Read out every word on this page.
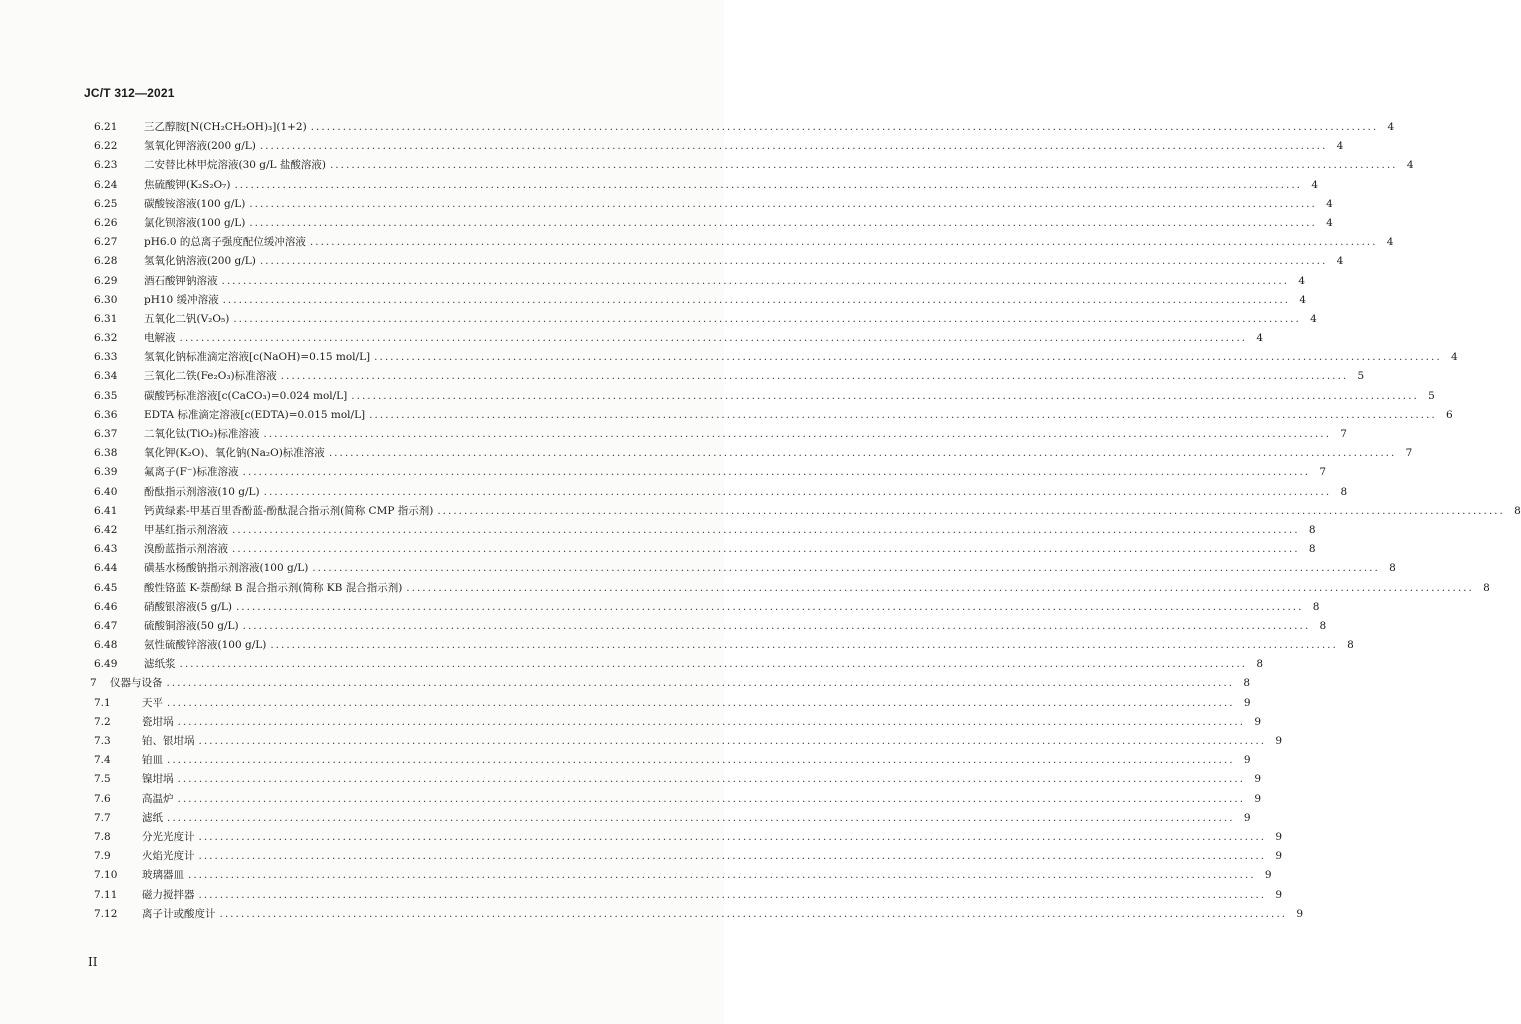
JC/T 312—2021
6.21	三乙醇胺[N(CH₂CH₂OH)₃](1+2) ........................................................................................................................................................................................................ 4
6.22	氢氧化钾溶液(200 g/L) ........................................................................................................................................................................................................ 4
6.23	二安替比林甲烷溶液(30 g/L 盐酸溶液) ........................................................................................................................................................................................................ 4
6.24	焦硫酸钾(K₂S₂O₇) ........................................................................................................................................................................................................ 4
6.25	碳酸铵溶液(100 g/L) ........................................................................................................................................................................................................ 4
6.26	氯化钡溶液(100 g/L) ........................................................................................................................................................................................................ 4
6.27	pH6.0 的总离子强度配位缓冲溶液 ........................................................................................................................................................................................................ 4
6.28	氢氧化钠溶液(200 g/L) ........................................................................................................................................................................................................ 4
6.29	酒石酸钾钠溶液 ........................................................................................................................................................................................................ 4
6.30	pH10 缓冲溶液 ........................................................................................................................................................................................................ 4
6.31	五氧化二钒(V₂O₅) ........................................................................................................................................................................................................ 4
6.32	电解液 ........................................................................................................................................................................................................ 4
6.33	氢氧化钠标准滴定溶液[c(NaOH)=0.15 mol/L] ........................................................................................................................................................................................................ 4
6.34	三氧化二铁(Fe₂O₃)标准溶液 ........................................................................................................................................................................................................ 5
6.35	碳酸钙标准溶液[c(CaCO₃)=0.024 mol/L] ........................................................................................................................................................................................................ 5
6.36	EDTA 标准滴定溶液[c(EDTA)=0.015 mol/L] ........................................................................................................................................................................................................ 6
6.37	二氧化钛(TiO₂)标准溶液 ........................................................................................................................................................................................................ 7
6.38	氧化钾(K₂O)、氧化钠(Na₂O)标准溶液 ........................................................................................................................................................................................................ 7
6.39	氟离子(F⁻)标准溶液 ........................................................................................................................................................................................................ 7
6.40	酚酞指示剂溶液(10 g/L) ........................................................................................................................................................................................................ 8
6.41	钙黄绿素-甲基百里香酚蓝-酚酞混合指示剂(简称 CMP 指示剂) ........................................................................................................................................................................................................ 8
6.42	甲基红指示剂溶液 ........................................................................................................................................................................................................ 8
6.43	溴酚蓝指示剂溶液 ........................................................................................................................................................................................................ 8
6.44	磺基水杨酸钠指示剂溶液(100 g/L) ........................................................................................................................................................................................................ 8
6.45	酸性铬蓝 K-萘酚绿 B 混合指示剂(简称 KB 混合指示剂) ........................................................................................................................................................................................................ 8
6.46	硝酸银溶液(5 g/L) ........................................................................................................................................................................................................ 8
6.47	硫酸铜溶液(50 g/L) ........................................................................................................................................................................................................ 8
6.48	氨性硫酸锌溶液(100 g/L) ........................................................................................................................................................................................................ 8
6.49	滤纸浆 ........................................................................................................................................................................................................ 8
7	仪器与设备 ........................................................................................................................................................................................................ 8
7.1	天平 ........................................................................................................................................................................................................ 9
7.2	瓷坩埚 ........................................................................................................................................................................................................ 9
7.3	铂、银坩埚 ........................................................................................................................................................................................................ 9
7.4	铂皿 ........................................................................................................................................................................................................ 9
7.5	镍坩埚 ........................................................................................................................................................................................................ 9
7.6	高温炉 ........................................................................................................................................................................................................ 9
7.7	滤纸 ........................................................................................................................................................................................................ 9
7.8	分光光度计 ........................................................................................................................................................................................................ 9
7.9	火焰光度计 ........................................................................................................................................................................................................ 9
7.10	玻璃器皿 ........................................................................................................................................................................................................ 9
7.11	磁力搅拌器 ........................................................................................................................................................................................................ 9
7.12	离子计或酸度计 ........................................................................................................................................................................................................ 9
II
